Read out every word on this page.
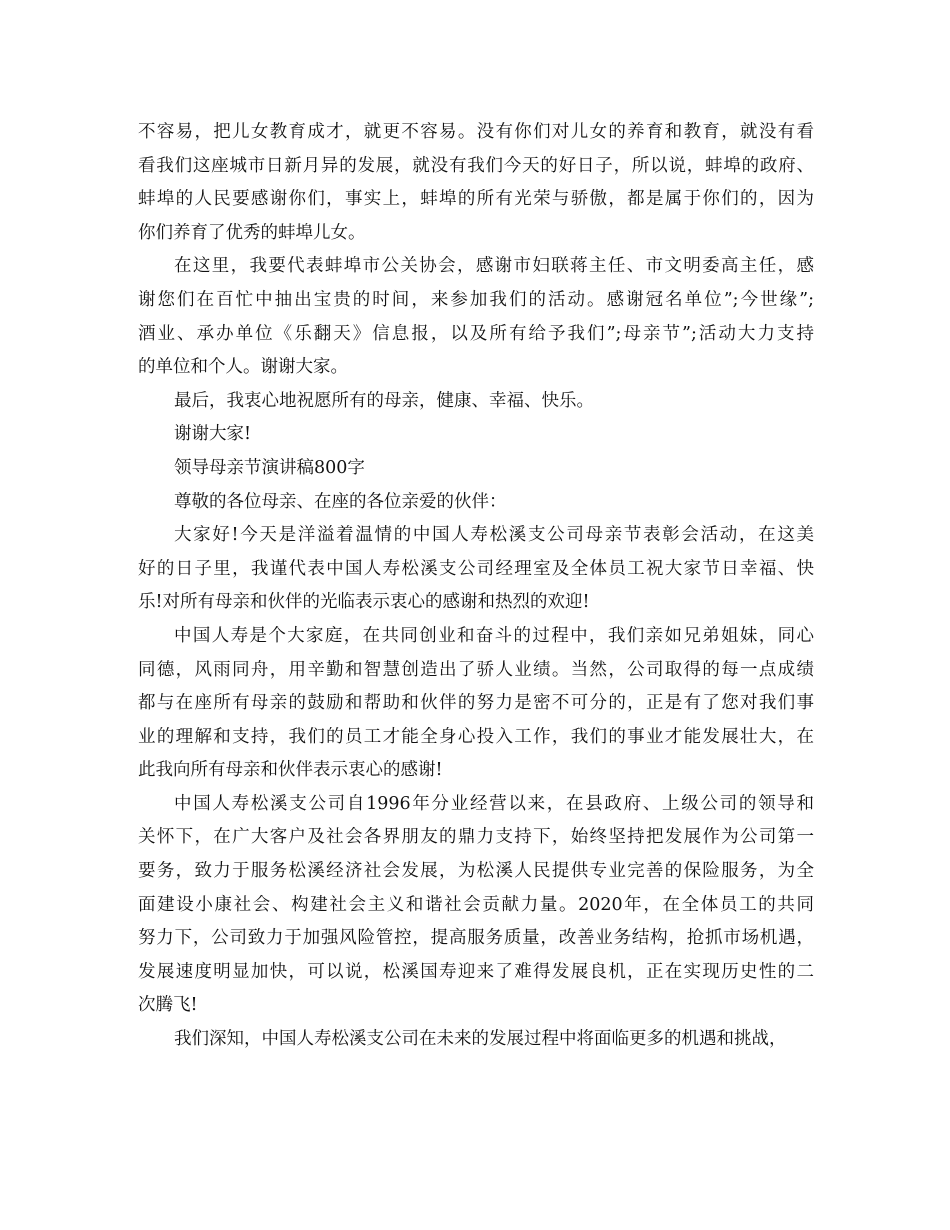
不容易，把儿女教育成才，就更不容易。没有你们对儿女的养育和教育，就没有看
看我们这座城市日新月异的发展，就没有我们今天的好日子，所以说，蚌埠的政府、
蚌埠的人民要感谢你们，事实上，蚌埠的所有光荣与骄傲，都是属于你们的，因为
你们养育了优秀的蚌埠儿女。
在这里，我要代表蚌埠市公关协会，感谢市妇联蒋主任、市文明委高主任，感
谢您们在百忙中抽出宝贵的时间，来参加我们的活动。感谢冠名单位”;今世缘”;
酒业、承办单位《乐翻天》信息报，以及所有给予我们”;母亲节”;活动大力支持
的单位和个人。谢谢大家。
最后，我衷心地祝愿所有的母亲，健康、幸福、快乐。
谢谢大家!
领导母亲节演讲稿800字
尊敬的各位母亲、在座的各位亲爱的伙伴：
大家好!今天是洋溢着温情的中国人寿松溪支公司母亲节表彰会活动，在这美
好的日子里，我谨代表中国人寿松溪支公司经理室及全体员工祝大家节日幸福、快
乐!对所有母亲和伙伴的光临表示衷心的感谢和热烈的欢迎!
中国人寿是个大家庭，在共同创业和奋斗的过程中，我们亲如兄弟姐妹，同心
同德，风雨同舟，用辛勤和智慧创造出了骄人业绩。当然，公司取得的每一点成绩
都与在座所有母亲的鼓励和帮助和伙伴的努力是密不可分的，正是有了您对我们事
业的理解和支持，我们的员工才能全身心投入工作，我们的事业才能发展壮大，在
此我向所有母亲和伙伴表示衷心的感谢!
中国人寿松溪支公司自1996年分业经营以来，在县政府、上级公司的领导和
关怀下，在广大客户及社会各界朋友的鼎力支持下，始终坚持把发展作为公司第一
要务，致力于服务松溪经济社会发展，为松溪人民提供专业完善的保险服务，为全
面建设小康社会、构建社会主义和谐社会贡献力量。2020年，在全体员工的共同
努力下，公司致力于加强风险管控，提高服务质量，改善业务结构，抢抓市场机遇，
发展速度明显加快，可以说，松溪国寿迎来了难得发展良机，正在实现历史性的二
次腾飞!
我们深知，中国人寿松溪支公司在未来的发展过程中将面临更多的机遇和挑战，
